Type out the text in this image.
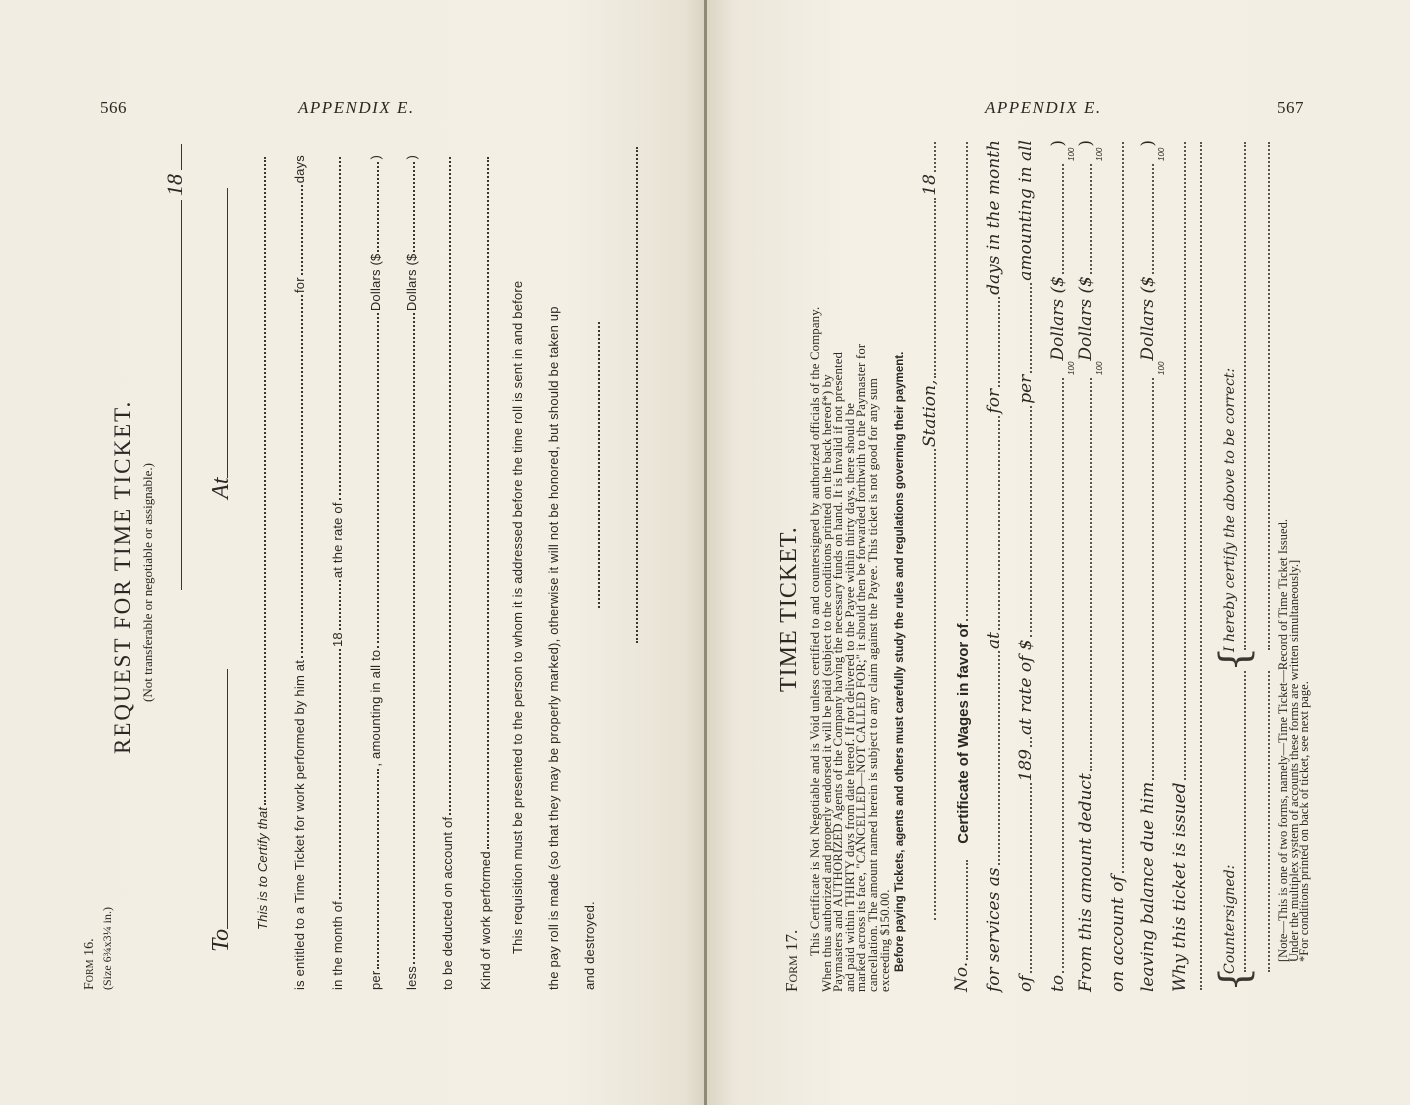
566	APPENDIX E.	APPENDIX E.	567
Form 16. (Size 6¾x3¼ in.)
REQUEST FOR TIME TICKET. (Not transferable or negotiable or assignable.)
18
To At
This is to Certify that is entitled to a Time Ticket for work performed by him at
for
days
in the month of
18
at the rate of
per
, amounting in all to
Dollars ($
)
less
Dollars ($
)
to be deducted on account of Kind of work performed This requisition must be presented to the person to whom it is addressed before the time roll is sent in and before the pay roll is made (so that they may be properly marked), otherwise it will not be honored, but should be taken up and destroyed.	Form 17.
TIME TICKET. This Certificate is Not Negotiable and is Void unless certified to and countersigned by authorized officials of the Company.
When thus authorized and properly endorsed it will be paid (subject to the conditions printed on the back hereof*) by
Paymasters and AUTHORIZED Agents of the Company having the necessary funds on hand. It is Invalid if not presented
and paid within THIRTY days from date hereof. If not delivered to the Payee within thirty days, there should be
marked across its face, "CANCELLED—NOT CALLED FOR;" it should then be forwarded forthwith to the Paymaster for
cancellation. The amount named herein is subject to any claim against the Payee. This ticket is not good for any sum
exceeding $150.00. Before paying Tickets, agents and others must carefully study the rules and regulations governing their payment. Station,
18
No.
Certificate of Wages in favor of
for services as
at
for
days in the month
of
189
at rate of $
per
amounting in all
to
100
Dollars ($
100
)
From this amount deduct
100
Dollars ($
100
)
on account of leaving balance due him
100
Dollars ($
100
)
Why this ticket is issued {
Countersigned:
{
I hereby certify the above to be correct:
[Note—This is one of two forms, namely—Time Ticket—Record of Time Ticket Issued.
Under the multiplex system of accounts these forms are written simultaneously.]
*For conditions printed on back of ticket, see next page.
